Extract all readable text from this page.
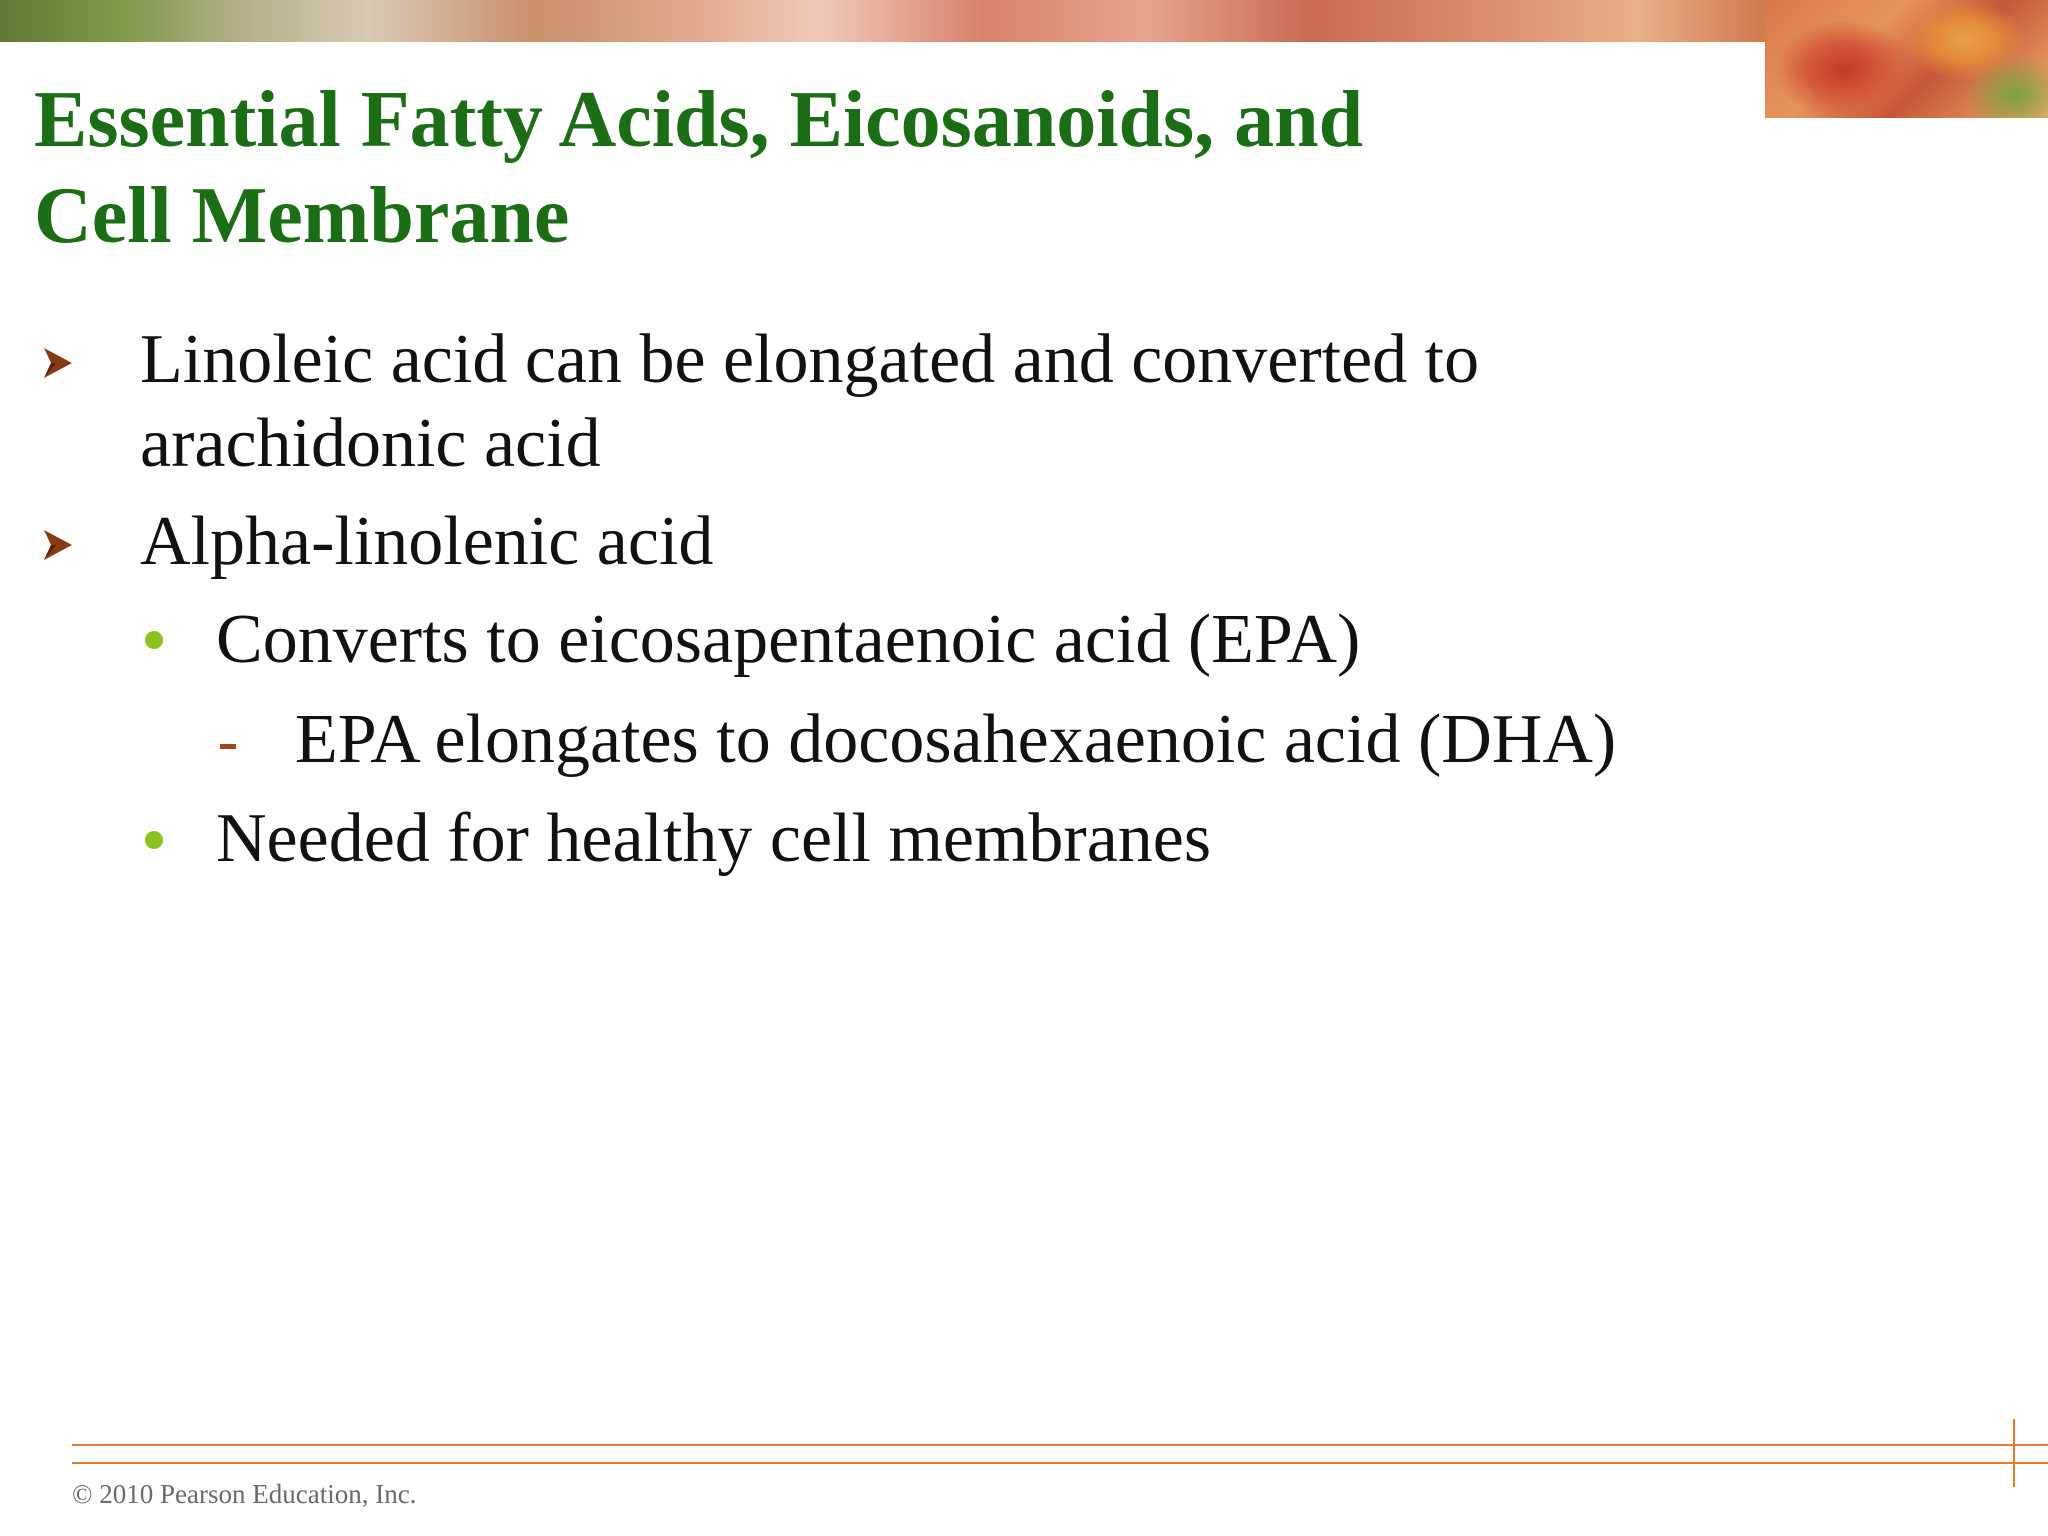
Essential Fatty Acids, Eicosanoids, and
Cell Membrane
Linoleic acid can be elongated and converted to
arachidonic acid
Alpha-linolenic acid
Converts to eicosapentaenoic acid (EPA)
EPA elongates to docosahexaenoic acid (DHA)
Needed for healthy cell membranes
© 2010 Pearson Education, Inc.
